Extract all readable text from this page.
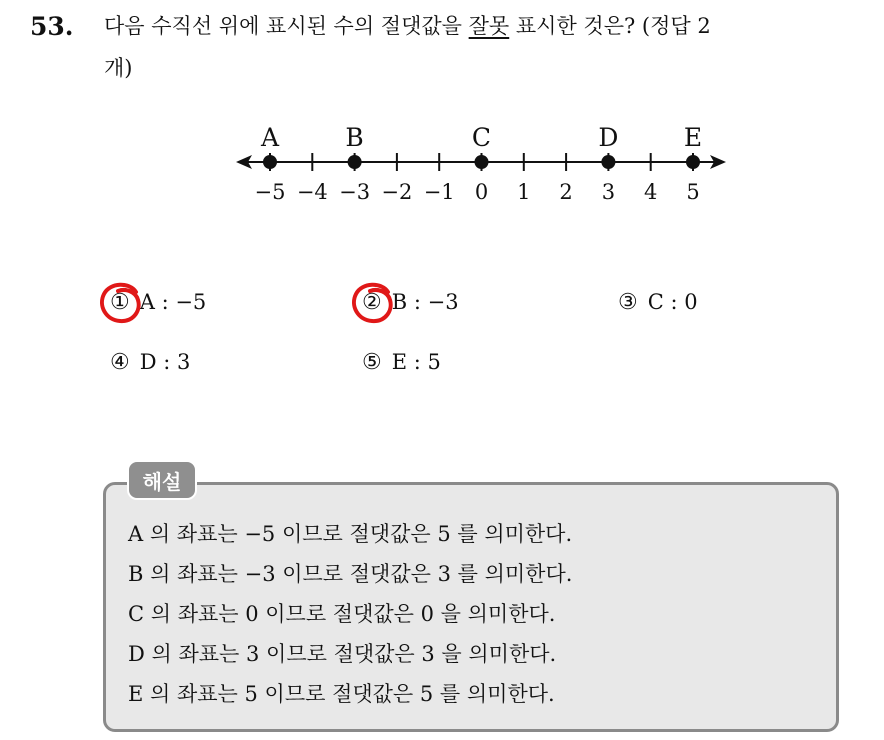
53. 다음 수직선 위에 표시된 수의 절댓값을 잘못 표시한 것은? (정답 2
개)
−5 −4 −3 −2 −1 0 1 2 3 4 5
A	B	C	D	E
① A : −5	② B : −3	③ C : 0
④ D : 3	⑤ E : 5
해설
A 의 좌표는 −5 이므로 절댓값은 5 를 의미한다.
B 의 좌표는 −3 이므로 절댓값은 3 를 의미한다.
C 의 좌표는 0 이므로 절댓값은 0 을 의미한다.
D 의 좌표는 3 이므로 절댓값은 3 을 의미한다.
E 의 좌표는 5 이므로 절댓값은 5 를 의미한다.
